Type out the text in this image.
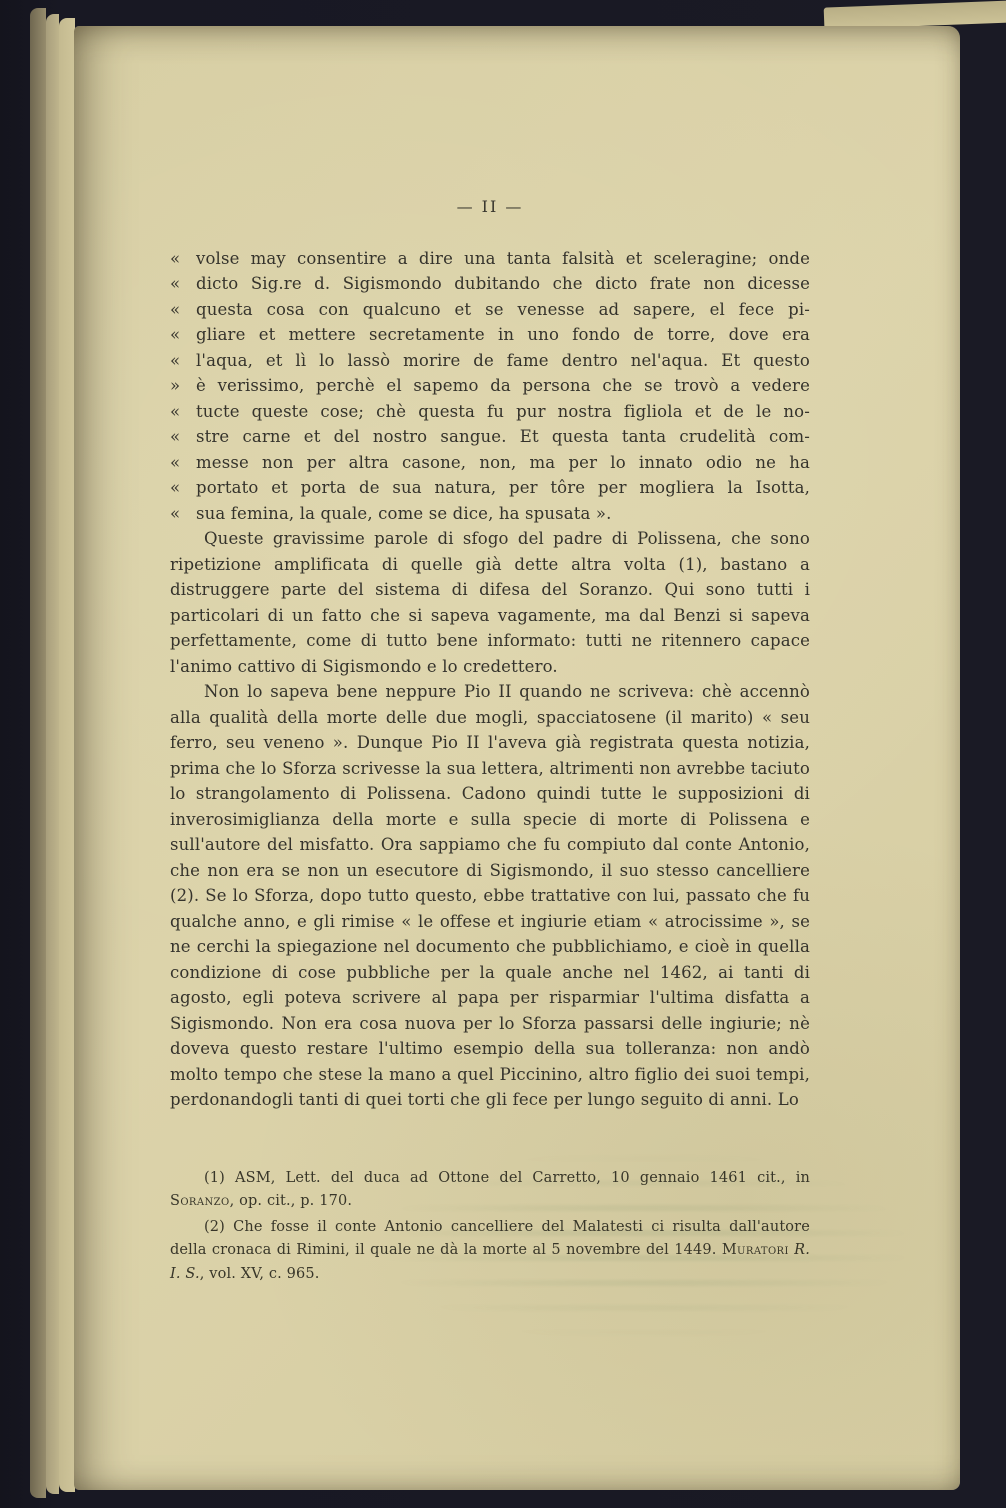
— II —
« volse may consentire a dire una tanta falsità et sceleragine; onde
« dicto Sig.re d. Sigismondo dubitando che dicto frate non dicesse
« questa cosa con qualcuno et se venesse ad sapere, el fece pi-
« gliare et mettere secretamente in uno fondo de torre, dove era
« l'aqua, et lì lo lassò morire de fame dentro nel'aqua. Et questo
» è verissimo, perchè el sapemo da persona che se trovò a vedere
« tucte queste cose; chè questa fu pur nostra figliola et de le no-
« stre carne et del nostro sangue. Et questa tanta crudelità com-
« messe non per altra casone, non, ma per lo innato odio ne ha
« portato et porta de sua natura, per tôre per mogliera la Isotta,
« sua femina, la quale, come se dice, ha spusata ».

Queste gravissime parole di sfogo del padre di Polissena, che sono ripetizione amplificata di quelle già dette altra volta (1), bastano a distruggere parte del sistema di difesa del Soranzo. Qui sono tutti i particolari di un fatto che si sapeva vagamente, ma dal Benzi si sapeva perfettamente, come di tutto bene informato: tutti ne ritennero capace l'animo cattivo di Sigismondo e lo credettero.

Non lo sapeva bene neppure Pio II quando ne scriveva: chè accennò alla qualità della morte delle due mogli, spacciatosene (il marito) « seu ferro, seu veneno ». Dunque Pio II l'aveva già registrata questa notizia, prima che lo Sforza scrivesse la sua lettera, altrimenti non avrebbe taciuto lo strangolamento di Polissena. Cadono quindi tutte le supposizioni di inverosimiglianza della morte e sulla specie di morte di Polissena e sull'autore del misfatto. Ora sappiamo che fu compiuto dal conte Antonio, che non era se non un esecutore di Sigismondo, il suo stesso cancelliere (2). Se lo Sforza, dopo tutto questo, ebbe trattative con lui, passato che fu qualche anno, e gli rimise « le offese et ingiurie etiam « atrocissime », se ne cerchi la spiegazione nel documento che pubblichiamo, e cioè in quella condizione di cose pubbliche per la quale anche nel 1462, ai tanti di agosto, egli poteva scrivere al papa per risparmiar l'ultima disfatta a Sigismondo. Non era cosa nuova per lo Sforza passarsi delle ingiurie; nè doveva questo restare l'ultimo esempio della sua tolleranza: non andò molto tempo che stese la mano a quel Piccinino, altro figlio dei suoi tempi, perdonandogli tanti di quei torti che gli fece per lungo seguito di anni. Lo

(1) ASM, Lett. del duca ad Ottone del Carretto, 10 gennaio 1461 cit., in Soranzo, op. cit., p. 170.

(2) Che fosse il conte Antonio cancelliere del Malatesti ci risulta dall'autore della cronaca di Rimini, il quale ne dà la morte al 5 novembre del 1449. Muratori R. I. S., vol. XV, c. 965.
